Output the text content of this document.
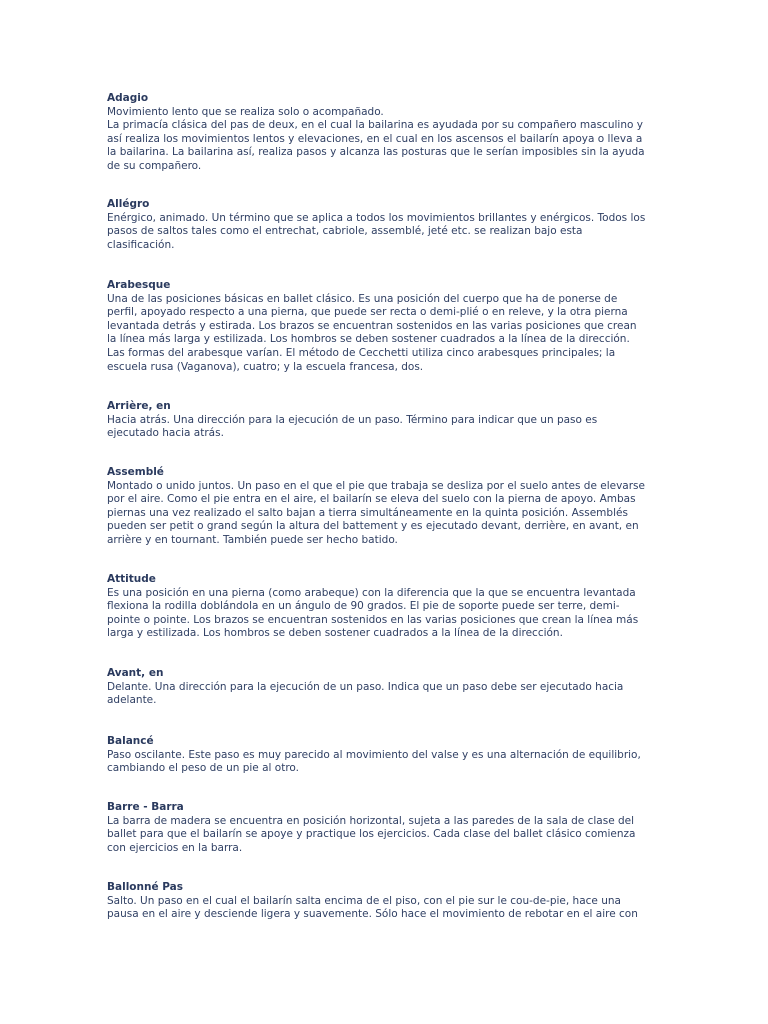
Adagio
Movimiento lento que se realiza solo o acompañado.
La primacía clásica del pas de deux, en el cual la bailarina es ayudada por su compañero masculino y así realiza los movimientos lentos y elevaciones, en el cual en los ascensos el bailarín apoya o lleva a la bailarina. La bailarina así, realiza pasos y alcanza las posturas que le serían imposibles sin la ayuda de su compañero.
Allégro
Enérgico, animado. Un término que se aplica a todos los movimientos brillantes y enérgicos. Todos los pasos de saltos tales como el entrechat, cabriole, assemblé, jeté etc. se realizan bajo esta clasificación.
Arabesque
Una de las posiciones básicas en ballet clásico. Es una posición del cuerpo que ha de ponerse de perfil, apoyado respecto a una pierna, que puede ser recta o demi-plié o en releve, y la otra pierna levantada detrás y estirada. Los brazos se encuentran sostenidos en las varias posiciones que crean la línea más larga y estilizada. Los hombros se deben sostener cuadrados a la línea de la dirección. Las formas del arabesque varían. El método de Cecchetti utiliza cinco arabesques principales; la escuela rusa (Vaganova), cuatro; y la escuela francesa, dos.
Arrière, en
Hacia atrás. Una dirección para la ejecución de un paso. Término para indicar que un paso es ejecutado hacia atrás.
Assemblé
Montado o unido juntos. Un paso en el que el pie que trabaja se desliza por el suelo antes de elevarse por el aire. Como el pie entra en el aire, el bailarín se eleva del suelo con la pierna de apoyo. Ambas piernas una vez realizado el salto bajan a tierra simultáneamente en la quinta posición. Assemblés pueden ser petit o grand según la altura del battement y es ejecutado devant, derrière, en avant, en arrière y en tournant. También puede ser hecho batido.
Attitude
Es una posición en una pierna (como arabeque) con la diferencia que la que se encuentra levantada flexiona la rodilla doblándola en un ángulo de 90 grados. El pie de soporte puede ser terre, demi-pointe o pointe. Los brazos se encuentran sostenidos en las varias posiciones que crean la línea más larga y estilizada. Los hombros se deben sostener cuadrados a la línea de la dirección.
Avant, en
Delante. Una dirección para la ejecución de un paso. Indica que un paso debe ser ejecutado hacia adelante.
Balancé
Paso oscilante. Este paso es muy parecido al movimiento del valse y es una alternación de equilibrio, cambiando el peso de un pie al otro.
Barre - Barra
La barra de madera se encuentra en posición horizontal, sujeta a las paredes de la sala de clase del ballet para que el bailarín se apoye y practique los ejercicios. Cada clase del ballet clásico comienza con ejercicios en la barra.
Ballonné Pas
Salto. Un paso en el cual el bailarín salta encima de el piso, con el pie sur le cou-de-pie, hace una pausa en el aire y desciende ligera y suavemente. Sólo hace el movimiento de rebotar en el aire con
